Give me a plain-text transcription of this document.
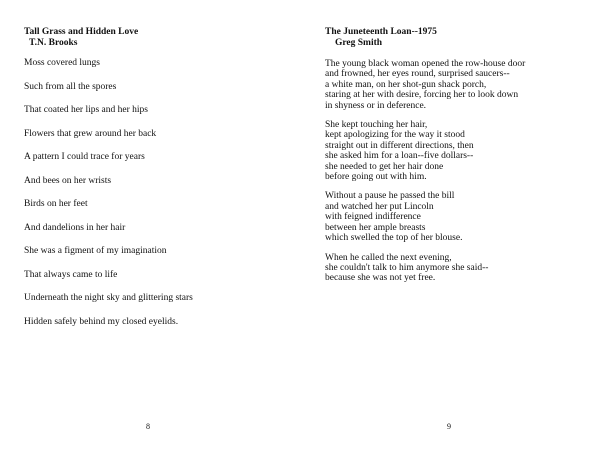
Tall Grass and Hidden Love
T.N. Brooks
Moss covered lungs
Such from all the spores
That coated her lips and her hips
Flowers that grew around her back
A pattern I could trace for years
And bees on her wrists
Birds on her feet
And dandelions in her hair
She was a figment of my imagination
That always came to life
Underneath the night sky and glittering stars
Hidden safely behind my closed eyelids.
8
The Juneteenth Loan--1975
Greg Smith
The young black woman opened the row-house door
and frowned, her eyes round, surprised saucers--
a white man, on her shot-gun shack porch,
staring at her with desire, forcing her to look down
in shyness or in deference.
She kept touching her hair,
kept apologizing for the way it stood
straight out in different directions, then
she asked him for a loan--five dollars--
she needed to get her hair done
before going out with him.
Without a pause he passed the bill
and watched her put Lincoln
with feigned indifference
between her ample breasts
which swelled the top of her blouse.
When he called the next evening,
she couldn't talk to him anymore she said--
because she was not yet free.
9
